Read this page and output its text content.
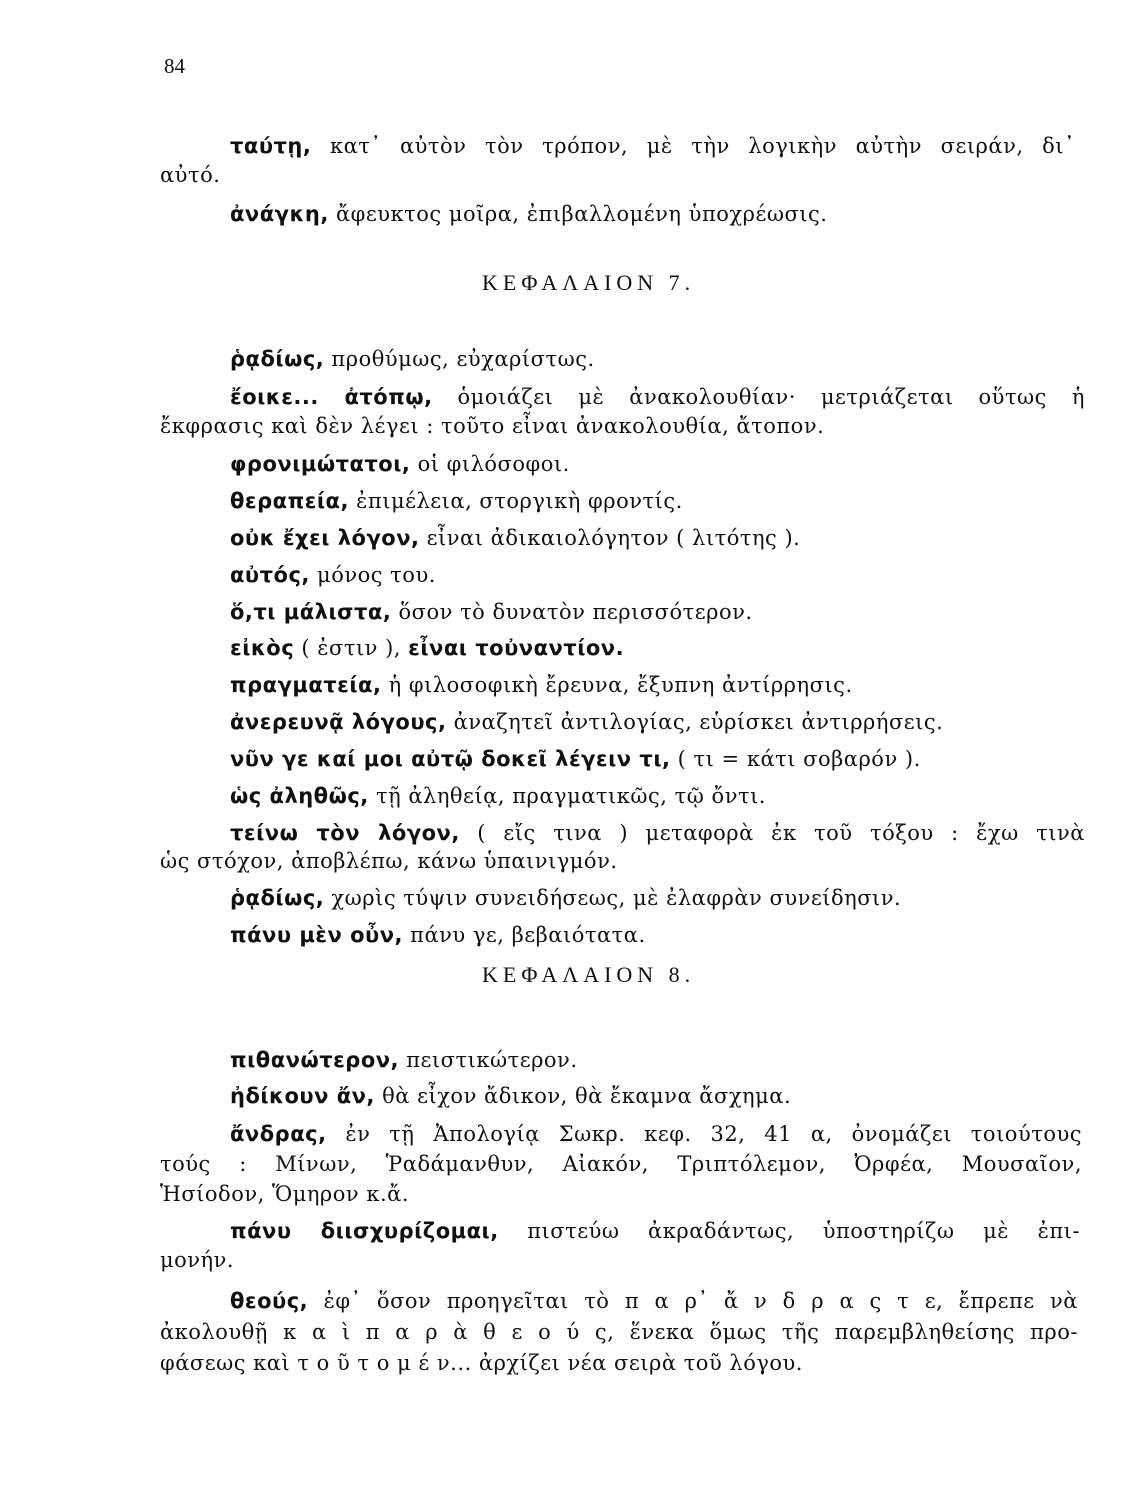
84
ΚΕΦΑΛΑΙΟΝ 7.
ΚΕΦΑΛΑΙΟΝ 8.
ταύτῃ, κατ᾽ αὐτὸν τὸν τρόπον, μὲ τὴν λογικὴν αὐτὴν σειράν, δι᾽
αὐτό.
ἀνάγκη, ἄφευκτος μοῖρα, ἐπιβαλλομένη ὑποχρέωσις.
ῥᾳδίως, προθύμως, εὐχαρίστως.
ἔοικε... ἀτόπῳ, ὁμοιάζει μὲ ἀνακολουθίαν· μετριάζεται οὕτως ἡ
ἔκφρασις καὶ δὲν λέγει : τοῦτο εἶναι ἀνακολουθία, ἄτοπον.
φρονιμώτατοι, οἱ φιλόσοφοι.
θεραπεία, ἐπιμέλεια, στοργικὴ φροντίς.
οὐκ ἔχει λόγον, εἶναι ἀδικαιολόγητον ( λιτότης ).
αὐτός, μόνος του.
ὅ,τι μάλιστα, ὅσον τὸ δυνατὸν περισσότερον.
εἰκὸς ( ἐστιν ), εἶναι τοὐναντίον.
πραγματεία, ἡ φιλοσοφικὴ ἔρευνα, ἔξυπνη ἀντίρρησις.
ἀνερευνᾷ λόγους, ἀναζητεῖ ἀντιλογίας, εὑρίσκει ἀντιρρήσεις.
νῦν γε καί μοι αὐτῷ δοκεῖ λέγειν τι, ( τι = κάτι σοβαρόν ).
ὡς ἀληθῶς, τῇ ἀληθείᾳ, πραγματικῶς, τῷ ὄντι.
τείνω τὸν λόγον, ( εἴς τινα ) μεταφορὰ ἐκ τοῦ τόξου : ἔχω τινὰ
ὡς στόχον, ἀποβλέπω, κάνω ὑπαινιγμόν.
ῥᾳδίως, χωρὶς τύψιν συνειδήσεως, μὲ ἐλαφρὰν συνείδησιν.
πάνυ μὲν οὖν, πάνυ γε, βεβαιότατα.
πιθανώτερον, πειστικώτερον.
ἠδίκουν ἄν, θὰ εἶχον ἄδικον, θὰ ἔκαμνα ἄσχημα.
ἄνδρας, ἐν τῇ Ἀπολογίᾳ Σωκρ. κεφ. 32, 41 α, ὀνομάζει τοιούτους
τούς : Μίνων, Ῥαδάμανθυν, Αἰακόν, Τριπτόλεμον, Ὀρφέα, Μουσαῖον,
Ἡσίοδον, Ὅμηρον κ.ἄ.
πάνυ διισχυρίζομαι, πιστεύω ἀκραδάντως, ὑποστηρίζω μὲ ἐπι-
μονήν.
θεούς, ἐφ᾽ ὅσον προηγεῖται τὸ π α ρ᾽ ἄ ν δ ρ α ς τ ε, ἔπρεπε νὰ
ἀκολουθῇ κ α ὶ π α ρ ὰ θ ε ο ύ ς, ἕνεκα ὅμως τῆς παρεμβληθείσης προ-
φάσεως καὶ τ ο ῦ τ ο μ έ ν... ἀρχίζει νέα σειρὰ τοῦ λόγου.
